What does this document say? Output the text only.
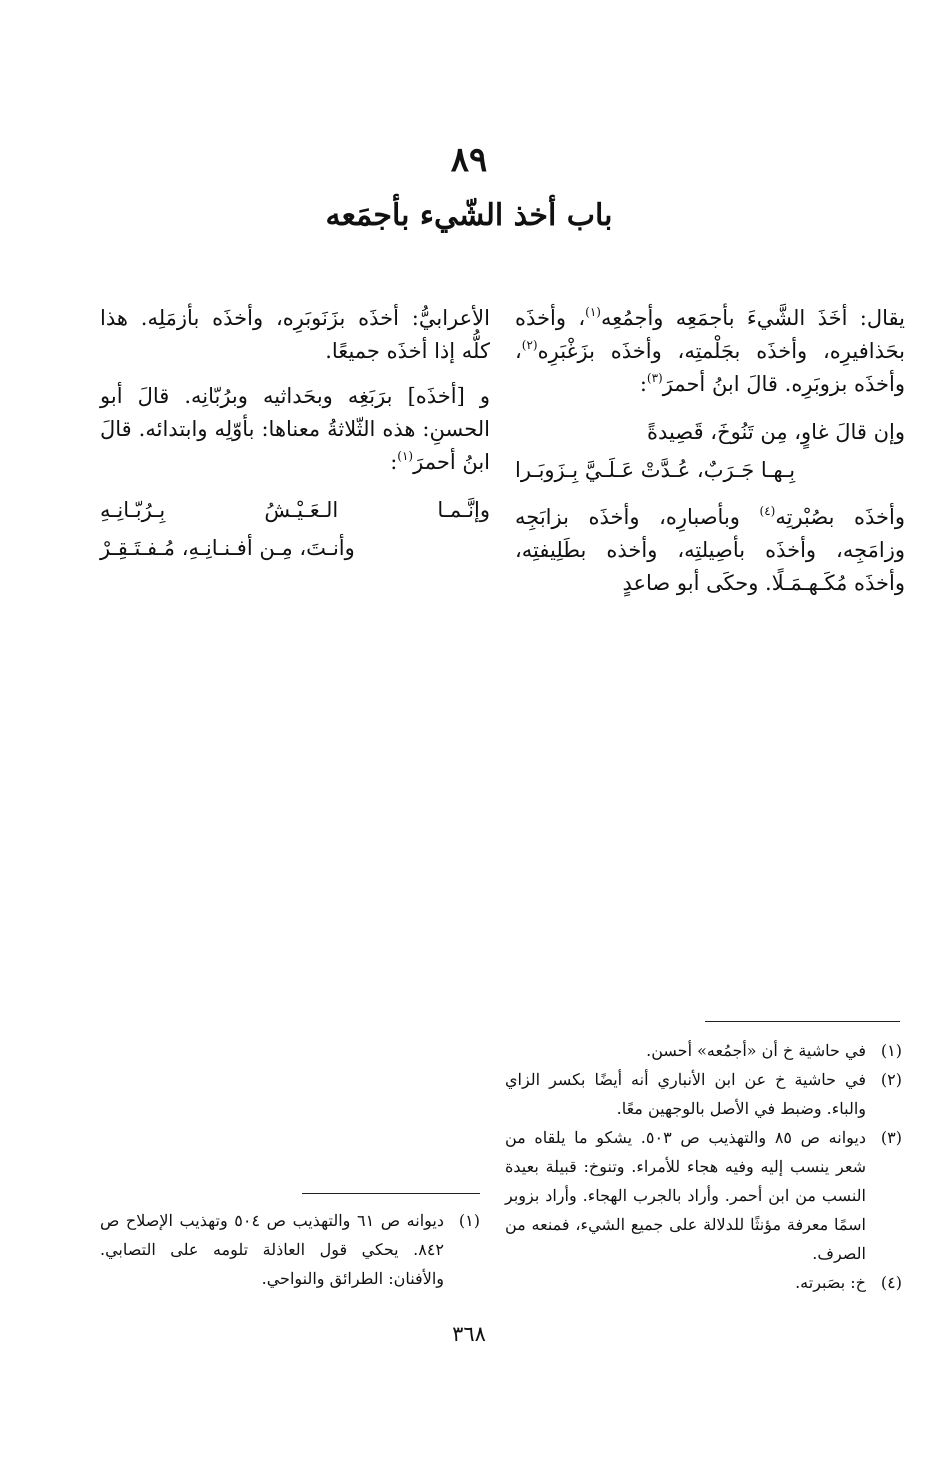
٨٩
باب أخذ الشّيء بأجمَعه

يقال: أخَذَ الشَّيءَ بأجمَعِه وأجمُعِه$^{(١)}$، وأخذَه بحَذافيرِه، وأخذَه بجَلْمتِه، وأخذَه بزَغْبَرِه$^{(٢)}$، وأخذَه بزوبَرِه. قالَ ابنُ أحمرَ$^{(٣)}$:

وإن قالَ غاوٍ، مِن تَنُوخَ، قَصِيدةً
بِـهـا جَـرَبٌ، عُـدَّتْ عَـلَـيَّ بِـزَوبَـرا

وأخذَه بصُبْرتِه$^{(٤)}$ وبأصبارِه، وأخذَه بزابَجِه وزامَجِه، وأخذَه بأصِيلتِه، وأخذه بطَلِيفتِه، وأخذَه مُكَـهـمَـلًا. وحكَى أبو صاعدٍ

الأعرابيُّ: أخذَه بزَنَوبَرِه، وأخذَه بأزمَلِه. هذا كلُّه إذا أخذَه جميعًا.

و [أخذَه] برَبَغِه وبحَداثيه وبرُبّانِه. قالَ أبو الحسنِ: هذه الثّلاثةُ معناها: بأوّلِه وابتدائه. قالَ ابنُ أحمرَ$^{(١)}$:

وإنَّـمـا الـعَـيْـشُ بِـرُبّـانِـهِ
وأنـتَ، مِـن أفـنـانِـهِ، مُـفـتَـقِـرْ
(١)
في حاشية خ أن «أجمُعه» أحسن.
(٢)
في حاشية خ عن ابن الأنباري أنه أيضًا بكسر الزاي والباء. وضبط في الأصل بالوجهين معًا.
(٣)
ديوانه ص ٨٥ والتهذيب ص ٥٠٣. يشكو ما يلقاه من شعر ينسب إليه وفيه هجاء للأمراء. وتنوخ: قبيلة بعيدة النسب من ابن أحمر. وأراد بالجرب الهجاء. وأراد بزوبر اسمًا معرفة مؤنثًا للدلالة على جميع الشيء، فمنعه من الصرف.
(٤)
خ: بصَبرته.
(١)
ديوانه ص ٦١ والتهذيب ص ٥٠٤ وتهذيب الإصلاح ص ٨٤٢. يحكي قول العاذلة تلومه على التصابي. والأفنان: الطرائق والنواحي.
٣٦٨
